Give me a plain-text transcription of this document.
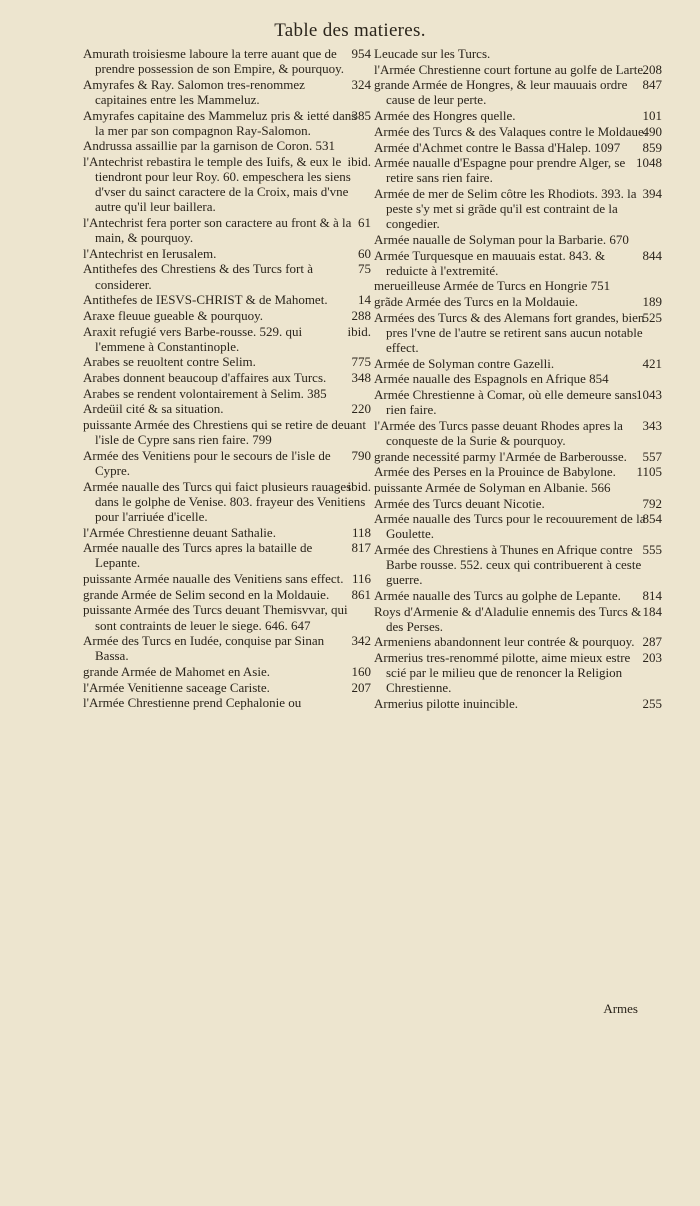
Table des matieres.

954
Amurath troisiesme laboure la terre auant que de prendre possession de son Empire, & pourquoy.

324
Amyrafes & Ray. Salomon tres-renommez capitaines entre les Mammeluz.

385
Amyrafes capitaine des Mammeluz pris & ietté dans la mer par son compagnon Ray-Salomon.

Andrussa assaillie par la garnison de Coron. 531

ibid.
l'Antechrist rebastira le temple des Iuifs, & eux le tiendront pour leur Roy. 60. empeschera les siens d'vser du sainct caractere de la Croix, mais d'vne autre qu'il leur baillera.

61
l'Antechrist fera porter son caractere au front & à la main, & pourquoy.

60
l'Antechrist en Ierusalem.

75
Antithefes des Chrestiens & des Turcs fort à considerer.

14
Antithefes de IESVS-CHRIST & de Mahomet.

288
Araxe fleuue gueable & pourquoy.

ibid.
Araxit refugié vers Barbe-rousse. 529. qui l'emmene à Constantinople.

775
Arabes se reuoltent contre Selim.

348
Arabes donnent beaucoup d'affaires aux Turcs.

Arabes se rendent volontairement à Selim. 385

220
Ardeüil cité & sa situation.

puissante Armée des Chrestiens qui se retire de deuant l'isle de Cypre sans rien faire. 799

790
Armée des Venitiens pour le secours de l'isle de Cypre.

ibid.
Armée naualle des Turcs qui faict plusieurs rauages dans le golphe de Venise. 803. frayeur des Venitiens pour l'arriuée d'icelle.

118
l'Armée Chrestienne deuant Sathalie.

817
Armée naualle des Turcs apres la bataille de Lepante.

116
puissante Armée naualle des Venitiens sans effect.

861
grande Armée de Selim second en la Moldauie.

puissante Armée des Turcs deuant Themisvvar, qui sont contraints de leuer le siege. 646. 647

342
Armée des Turcs en Iudée, conquise par Sinan Bassa.

160
grande Armée de Mahomet en Asie.

207
l'Armée Venitienne saceage Cariste.

l'Armée Chrestienne prend Cephalonie ou

Leucade sur les Turcs.

208
l'Armée Chrestienne court fortune au golfe de Larte.

847
grande Armée de Hongres, & leur mauuais ordre cause de leur perte.

101
Armée des Hongres quelle.

490
Armée des Turcs & des Valaques contre le Moldaue.

859
Armée d'Achmet contre le Bassa d'Halep. 1097

1048
Armée naualle d'Espagne pour prendre Alger, se retire sans rien faire.

394
Armée de mer de Selim côtre les Rhodiots. 393. la peste s'y met si grãde qu'il est contraint de la congedier.

Armée naualle de Solyman pour la Barbarie. 670

844
Armée Turquesque en mauuais estat. 843. & reduicte à l'extremité.

merueilleuse Armée de Turcs en Hongrie 751

189
grãde Armée des Turcs en la Moldauie.

525
Armées des Turcs & des Alemans fort grandes, bien pres l'vne de l'autre se retirent sans aucun notable effect.

421
Armée de Solyman contre Gazelli.

Armée naualle des Espagnols en Afrique 854

1043
Armée Chrestienne à Comar, où elle demeure sans rien faire.

343
l'Armée des Turcs passe deuant Rhodes apres la conqueste de la Surie & pourquoy.

557
grande necessité parmy l'Armée de Barberousse.

1105
Armée des Perses en la Prouince de Babylone.

puissante Armée de Solyman en Albanie. 566

792
Armée des Turcs deuant Nicotie.

854
Armée naualle des Turcs pour le recouurement de la Goulette.

555
Armée des Chrestiens à Thunes en Afrique contre Barbe rousse. 552. ceux qui contribuerent à ceste guerre.

814
Armée naualle des Turcs au golphe de Lepante.

184
Roys d'Armenie & d'Aladulie ennemis des Turcs & des Perses.

287
Armeniens abandonnent leur contrée & pourquoy.

203
Armerius tres-renommé pilotte, aime mieux estre scié par le milieu que de renoncer la Religion Chrestienne.

255
Armerius pilotte inuincible.

Armes
